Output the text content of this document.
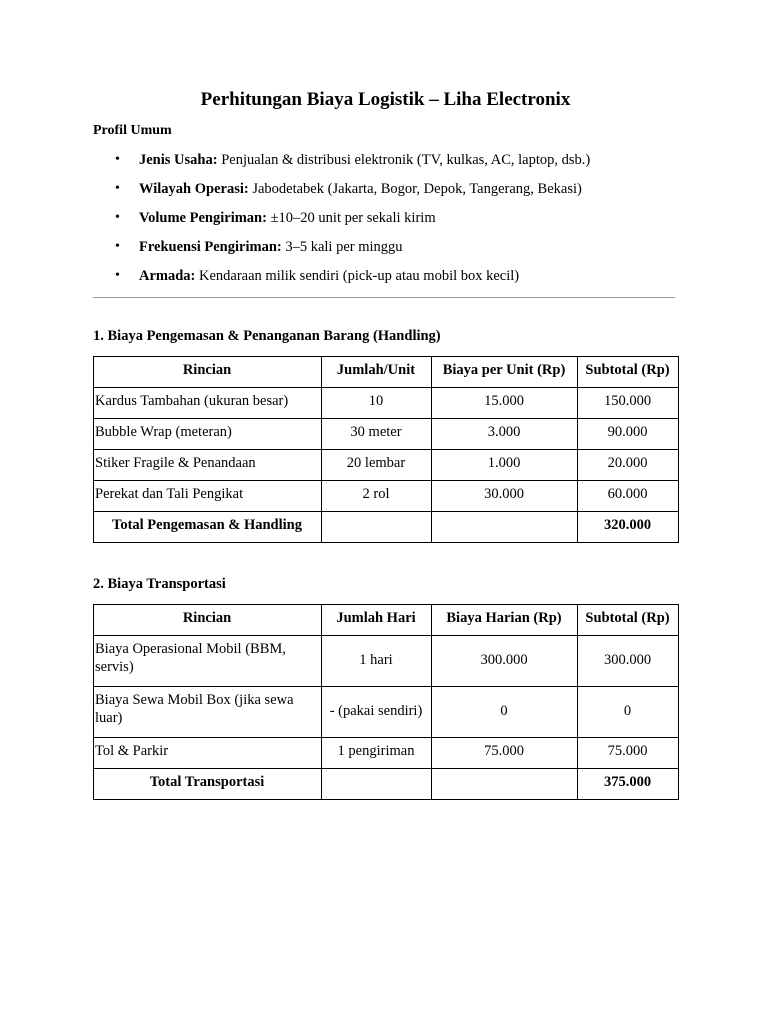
Perhitungan Biaya Logistik – Liha Electronix
Profil Umum
• Jenis Usaha: Penjualan & distribusi elektronik (TV, kulkas, AC, laptop, dsb.)
• Wilayah Operasi: Jabodetabek (Jakarta, Bogor, Depok, Tangerang, Bekasi)
• Volume Pengiriman: ±10–20 unit per sekali kirim
• Frekuensi Pengiriman: 3–5 kali per minggu
• Armada: Kendaraan milik sendiri (pick-up atau mobil box kecil)
1. Biaya Pengemasan & Penanganan Barang (Handling)
Rincian	Jumlah/Unit	Biaya per Unit (Rp)	Subtotal (Rp)
Kardus Tambahan (ukuran besar)	10	15.000	150.000
Bubble Wrap (meteran)	30 meter	3.000	90.000
Stiker Fragile & Penandaan	20 lembar	1.000	20.000
Perekat dan Tali Pengikat	2 rol	30.000	60.000
Total Pengemasan & Handling			320.000
2. Biaya Transportasi
Rincian	Jumlah Hari	Biaya Harian (Rp)	Subtotal (Rp)
Biaya Operasional Mobil (BBM, servis)	1 hari	300.000	300.000
Biaya Sewa Mobil Box (jika sewa luar)	- (pakai sendiri)	0	0
Tol & Parkir	1 pengiriman	75.000	75.000
Total Transportasi			375.000
